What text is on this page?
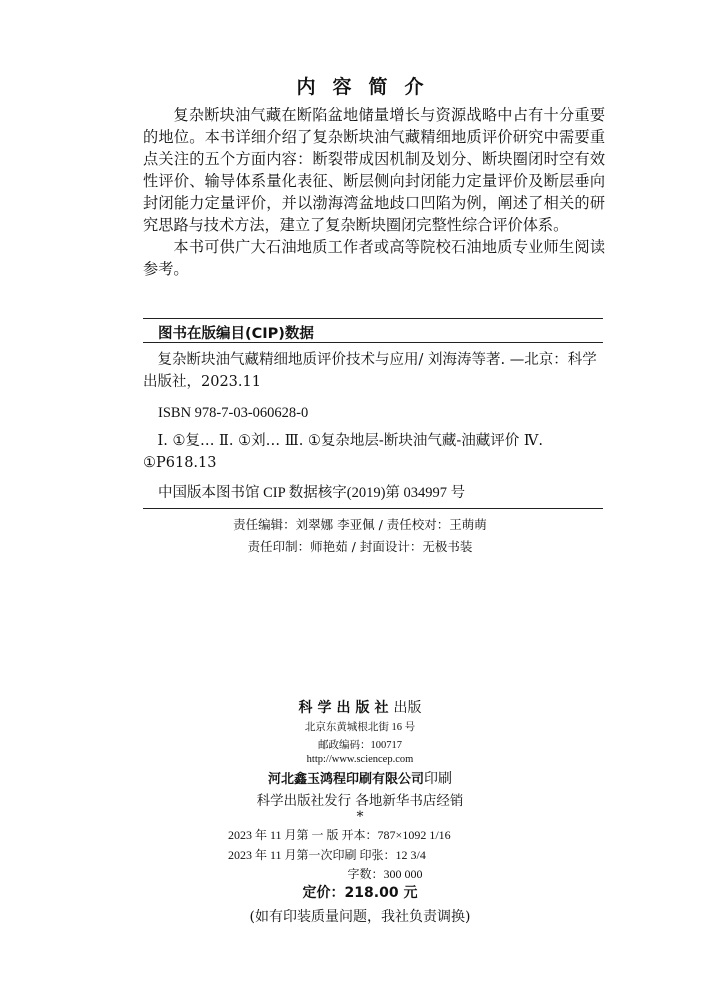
内容简介

复杂断块油气藏在断陷盆地储量增长与资源战略中占有十分重要的地位。本书详细介绍了复杂断块油气藏精细地质评价研究中需要重点关注的五个方面内容：断裂带成因机制及划分、断块圈闭时空有效性评价、输导体系量化表征、断层侧向封闭能力定量评价及断层垂向封闭能力定量评价，并以渤海湾盆地歧口凹陷为例，阐述了相关的研究思路与技术方法，建立了复杂断块圈闭完整性综合评价体系。

本书可供广大石油地质工作者或高等院校石油地质专业师生阅读参考。

图书在版编目(CIP)数据
复杂断块油气藏精细地质评价技术与应用/ 刘海涛等著. —北京：科学出版社，2023.11
ISBN 978-7-03-060628-0
Ⅰ. ①复… Ⅱ. ①刘… Ⅲ. ①复杂地层-断块油气藏-油藏评价 Ⅳ. ①P618.13
中国版本图书馆 CIP 数据核字(2019)第 034997 号
责任编辑：刘翠娜 李亚佩 / 责任校对：王萌萌
责任印制：师艳茹 / 封面设计：无极书装
科学出版社出版
北京东黄城根北街 16 号
邮政编码：100717
http://www.sciencep.com
河北鑫玉鸿程印刷有限公司印刷
科学出版社发行 各地新华书店经销
*
2023 年 11 月第 一 版 开本：787×1092 1/16
2023 年 11 月第一次印刷 印张：12 3/4
字数：300 000
定价：218.00 元
(如有印装质量问题，我社负责调换)
